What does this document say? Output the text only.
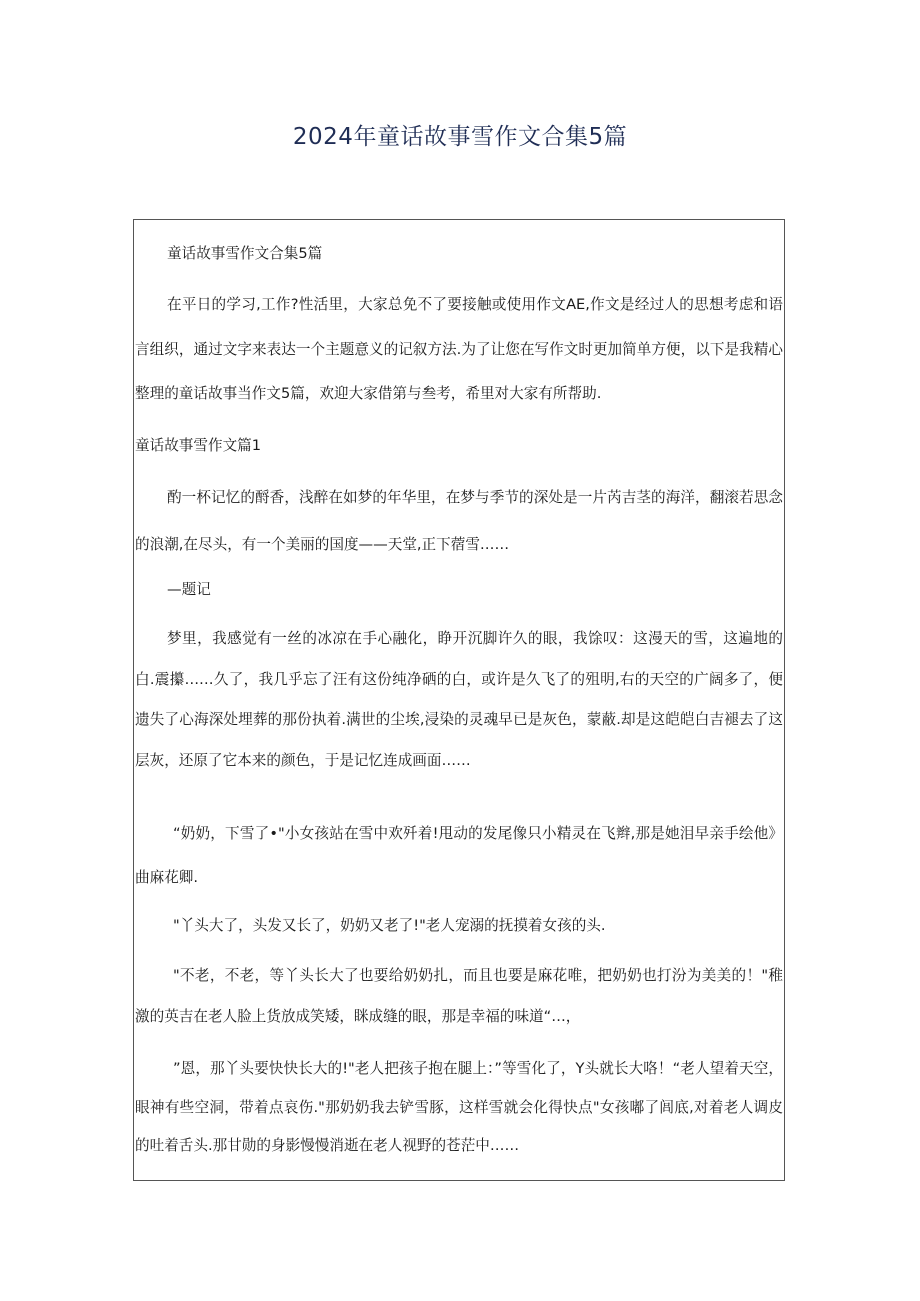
2024年童话故事雪作文合集5篇

童话故事雪作文合集5篇

在平日的学习,工作?性活里，大家总免不了要接触或使用作文AE,作文是经过人的思想考虑和语言组织，通过文字来表达一个主题意义的记叙方法.为了让您在写作文时更加简单方便，以下是我精心整理的童话故事当作文5篇，欢迎大家借第与叁考，希里对大家有所帮助.

童话故事雪作文篇1

酌一杯记忆的酹香，浅醉在如梦的年华里，在梦与季节的深处是一片芮吉茎的海洋，翻滚若思念的浪潮,在尽头，有一个美丽的国度——天堂,正下蓿雪……

—题记

梦里，我感觉有一丝的冰凉在手心融化，睁开沉脚许久的眼，我馀叹：这漫天的雪，这遍地的白.震攥……久了，我几乎忘了汪有这份纯净硒的白，或许是久飞了的殂明,右的天空的广阔多了，便遗失了心海深处埋葬的那份执着.满世的尘埃,浸染的灵魂早已是灰色，蒙蔽.却是这皑皑白吉褪去了这层灰，还原了它本来的颜色，于是记忆连成画面……

“奶奶，下雪了•"小女孩站在雪中欢歼着!甩动的发尾像只小精灵在飞辫,那是她泪早亲手绘他》曲麻花卿.

"丫头大了，头发又长了，奶奶又老了!"老人宠溺的抚摸着女孩的头.

"不老，不老，等丫头长大了也要给奶奶扎，而且也要是麻花唯，把奶奶也打汾为美美的！"稚激的英吉在老人脸上货放成笑矮，眯成缝的眼，那是幸福的味道“…，

”恩，那丫头要快快长大的!"老人把孩子抱在腿上：”等雪化了，Y头就长大咯！“老人望着天空，眼神有些空洞，带着点哀伤."那奶奶我去铲雪豚，这样雪就会化得快点"女孩嘟了闾底,对着老人调皮的吐着舌头.那甘勋的身影慢慢消逝在老人视野的苍茫中……
